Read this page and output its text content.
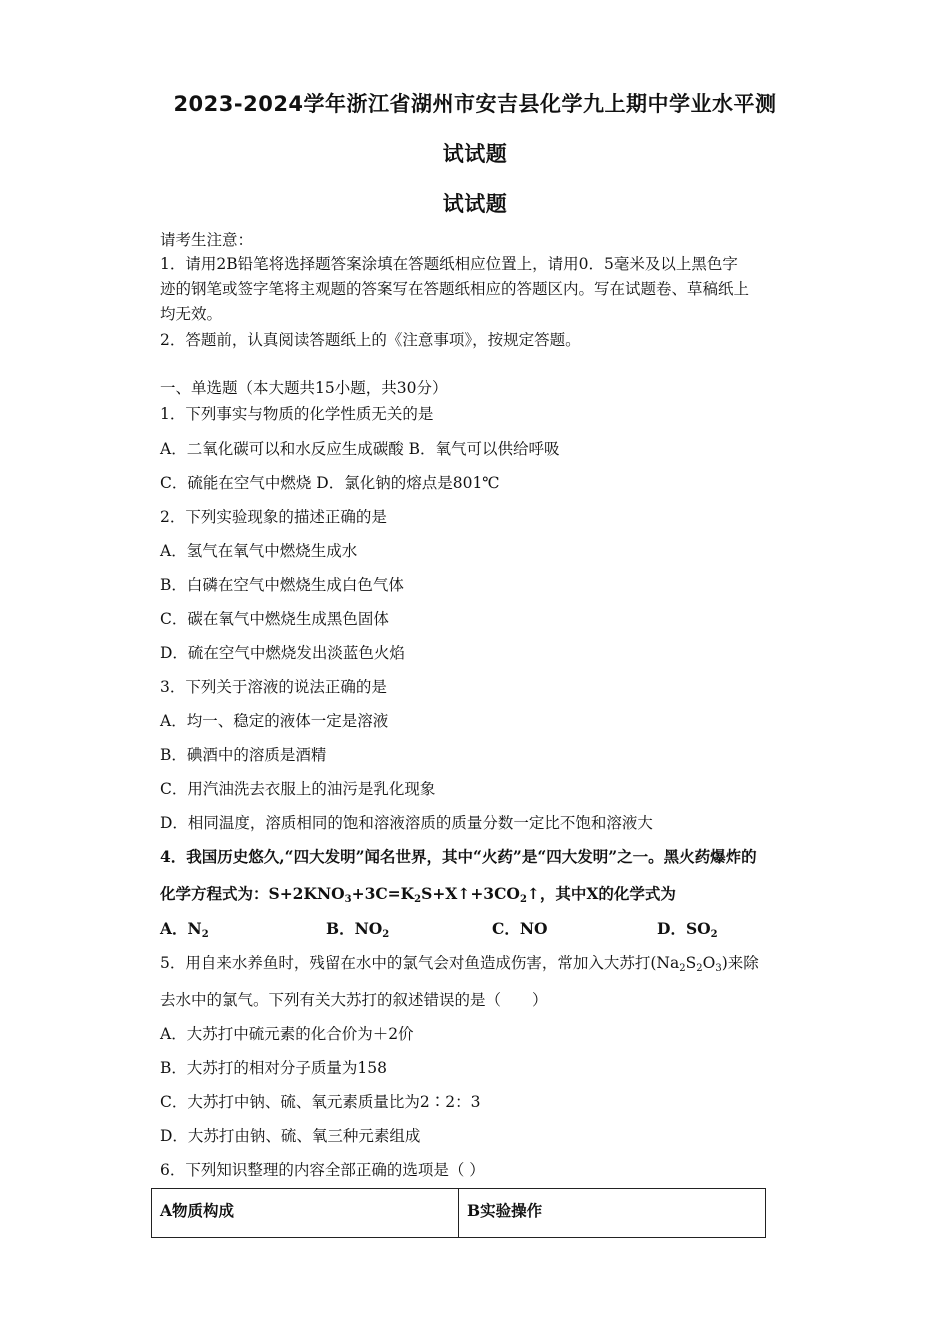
2023-2024学年浙江省湖州市安吉县化学九上期中学业水平测
试试题
试试题
请考生注意：
1．请用2B铅笔将选择题答案涂填在答题纸相应位置上，请用0．5毫米及以上黑色字
迹的钢笔或签字笔将主观题的答案写在答题纸相应的答题区内。写在试题卷、草稿纸上
均无效。
2．答题前，认真阅读答题纸上的《注意事项》，按规定答题。
一、单选题（本大题共15小题，共30分）
1．下列事实与物质的化学性质无关的是
A．二氧化碳可以和水反应生成碳酸 B．氧气可以供给呼吸
C．硫能在空气中燃烧 D．氯化钠的熔点是801℃
2．下列实验现象的描述正确的是
A．氢气在氧气中燃烧生成水
B．白磷在空气中燃烧生成白色气体
C．碳在氧气中燃烧生成黑色固体
D．硫在空气中燃烧发出淡蓝色火焰
3．下列关于溶液的说法正确的是
A．均一、稳定的液体一定是溶液
B．碘酒中的溶质是酒精
C．用汽油洗去衣服上的油污是乳化现象
D．相同温度，溶质相同的饱和溶液溶质的质量分数一定比不饱和溶液大
4．我国历史悠久,“四大发明”闻名世界，其中“火药”是“四大发明”之一。黑火药爆炸的
化学方程式为：$S+2KNO_3+3C=K_2S+X↑+3CO_2↑$，其中X的化学式为
A．$N_2$	B．$NO_2$	C．NO	D．$SO_2$
5．用自来水养鱼时，残留在水中的氯气会对鱼造成伤害，常加入大苏打$(Na_2S_2O_3)$来除
去水中的氯气。下列有关大苏打的叙述错误的是（　　）
A．大苏打中硫元素的化合价为＋2价
B．大苏打的相对分子质量为158
C．大苏打中钠、硫、氧元素质量比为2∶2：3
D．大苏打由钠、硫、氧三种元素组成
6．下列知识整理的内容全部正确的选项是（ ）
A物质构成	B实验操作
